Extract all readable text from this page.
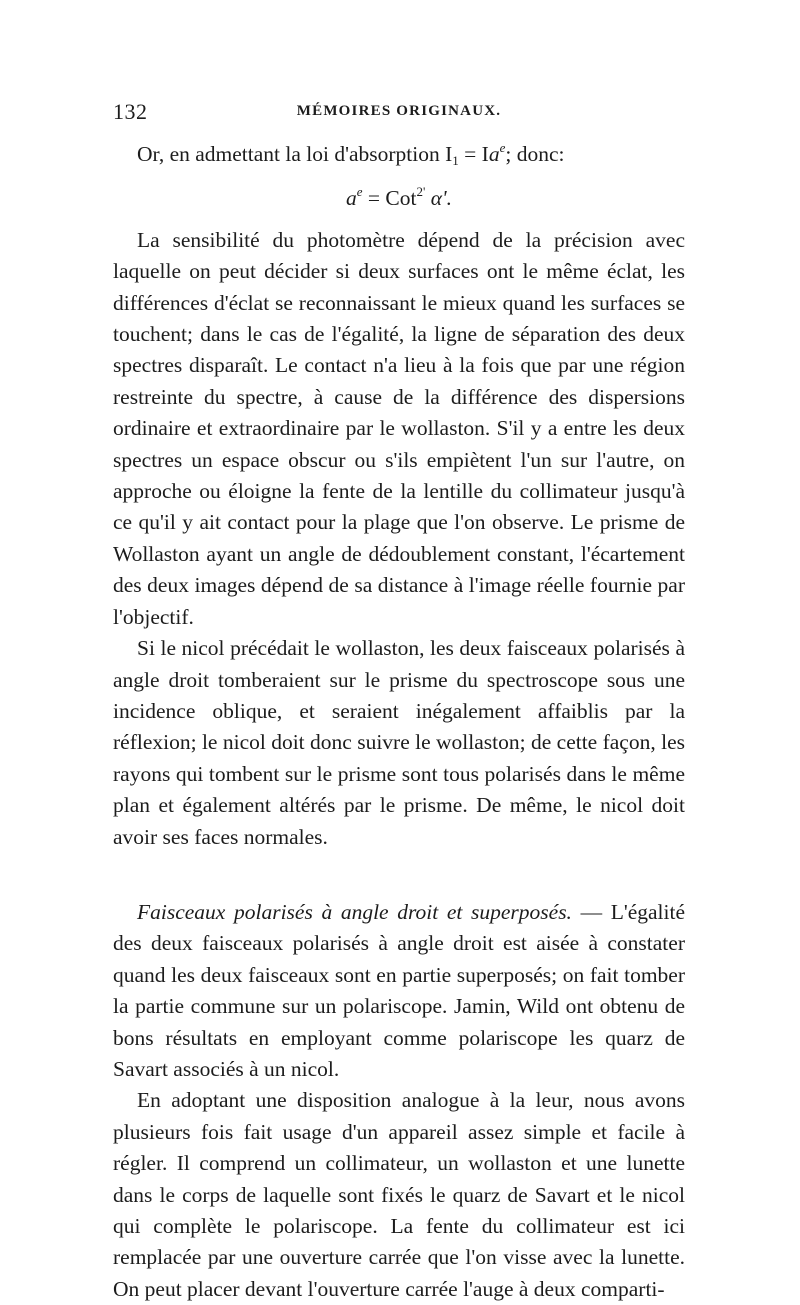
132	MÉMOIRES ORIGINAUX.

Or, en admettant la loi d'absorption $I_1 = Ia^e$; donc:

$a^e = Cot^{2'}$ α'.

La sensibilité du photomètre dépend de la précision avec laquelle on peut décider si deux surfaces ont le même éclat, les différences d'éclat se reconnaissant le mieux quand les surfaces se touchent; dans le cas de l'égalité, la ligne de séparation des deux spectres disparaît. Le contact n'a lieu à la fois que par une région restreinte du spectre, à cause de la différence des dispersions ordinaire et extraordinaire par le wollaston. S'il y a entre les deux spectres un espace obscur ou s'ils empiètent l'un sur l'autre, on approche ou éloigne la fente de la lentille du collimateur jusqu'à ce qu'il y ait contact pour la plage que l'on observe. Le prisme de Wollaston ayant un angle de dédoublement constant, l'écartement des deux images dépend de sa distance à l'image réelle fournie par l'objectif.

Si le nicol précédait le wollaston, les deux faisceaux polarisés à angle droit tomberaient sur le prisme du spectroscope sous une incidence oblique, et seraient inégalement affaiblis par la réflexion; le nicol doit donc suivre le wollaston; de cette façon, les rayons qui tombent sur le prisme sont tous polarisés dans le même plan et également altérés par le prisme. De même, le nicol doit avoir ses faces normales.

Faisceaux polarisés à angle droit et superposés. — L'égalité des deux faisceaux polarisés à angle droit est aisée à constater quand les deux faisceaux sont en partie superposés; on fait tomber la partie commune sur un polariscope. Jamin, Wild ont obtenu de bons résultats en employant comme polariscope les quarz de Savart associés à un nicol.

En adoptant une disposition analogue à la leur, nous avons plusieurs fois fait usage d'un appareil assez simple et facile à régler. Il comprend un collimateur, un wollaston et une lunette dans le corps de laquelle sont fixés le quarz de Savart et le nicol qui complète le polariscope. La fente du collimateur est ici remplacée par une ouverture carrée que l'on visse avec la lunette. On peut placer devant l'ouverture carrée l'auge à deux comparti-
